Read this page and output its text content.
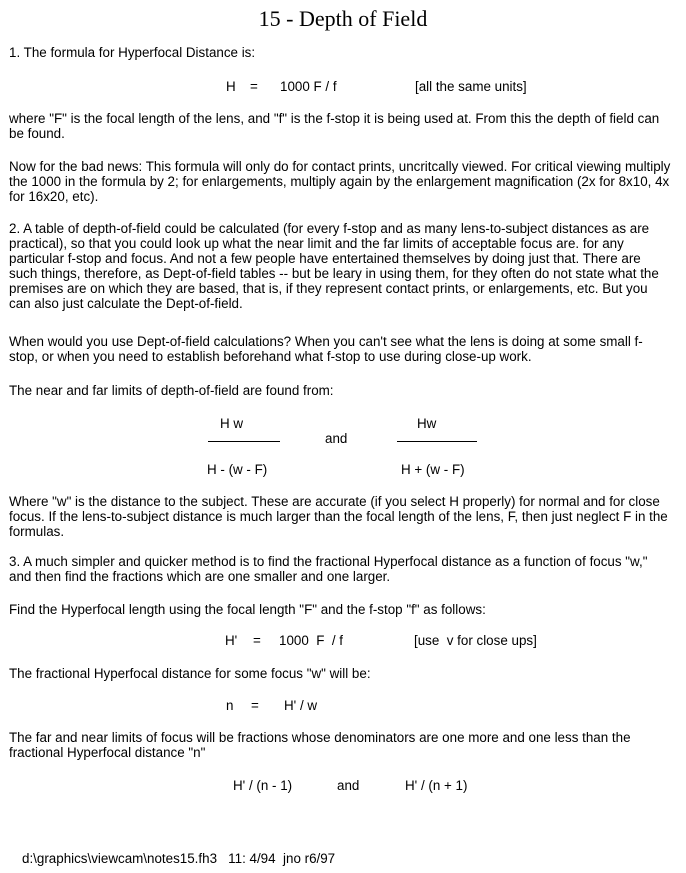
15 - Depth of Field

1. The formula for Hyperfocal Distance is:

H = 1000 F / f	[all the same units]

where "F" is the focal length of the lens, and "f" is the f-stop it is being used at. From this the depth of field can be found.

Now for the bad news: This formula will only do for contact prints, uncritcally viewed. For critical viewing multiply the 1000 in the formula by 2; for enlargements, multiply again by the enlargement magnification (2x for 8x10, 4x for 16x20, etc).

2. A table of depth-of-field could be calculated (for every f-stop and as many lens-to-subject distances as are practical), so that you could look up what the near limit and the far limits of acceptable focus are. for any particular f-stop and focus. And not a few people have entertained themselves by doing just that. There are such things, therefore, as Dept-of-field tables -- but be leary in using them, for they often do not state what the premises are on which they are based, that is, if they represent contact prints, or enlargements, etc. But you can also just calculate the Dept-of-field.

When would you use Dept-of-field calculations? When you can't see what the lens is doing at some small f-stop, or when you need to establish beforehand what f-stop to use during close-up work.

The near and far limits of depth-of-field are found from:

H w
H - (w - F)
and
Hw
H + (w - F)

Where "w" is the distance to the subject. These are accurate (if you select H properly) for normal and for close focus. If the lens-to-subject distance is much larger than the focal length of the lens, F, then just neglect F in the formulas.

3. A much simpler and quicker method is to find the fractional Hyperfocal distance as a function of focus "w," and then find the fractions which are one smaller and one larger.

Find the Hyperfocal length using the focal length "F" and the f-stop "f" as follows:

H' = 1000  F  / f	[use  v for close ups]

The fractional Hyperfocal distance for some focus "w" will be:

n = H' / w

The far and near limits of focus will be fractions whose denominators are one more and one less than the fractional Hyperfocal distance "n"

H' / (n - 1)	and	H' / (n + 1)
d:\graphics\viewcam\notes15.fh3   11: 4/94  jno r6/97
